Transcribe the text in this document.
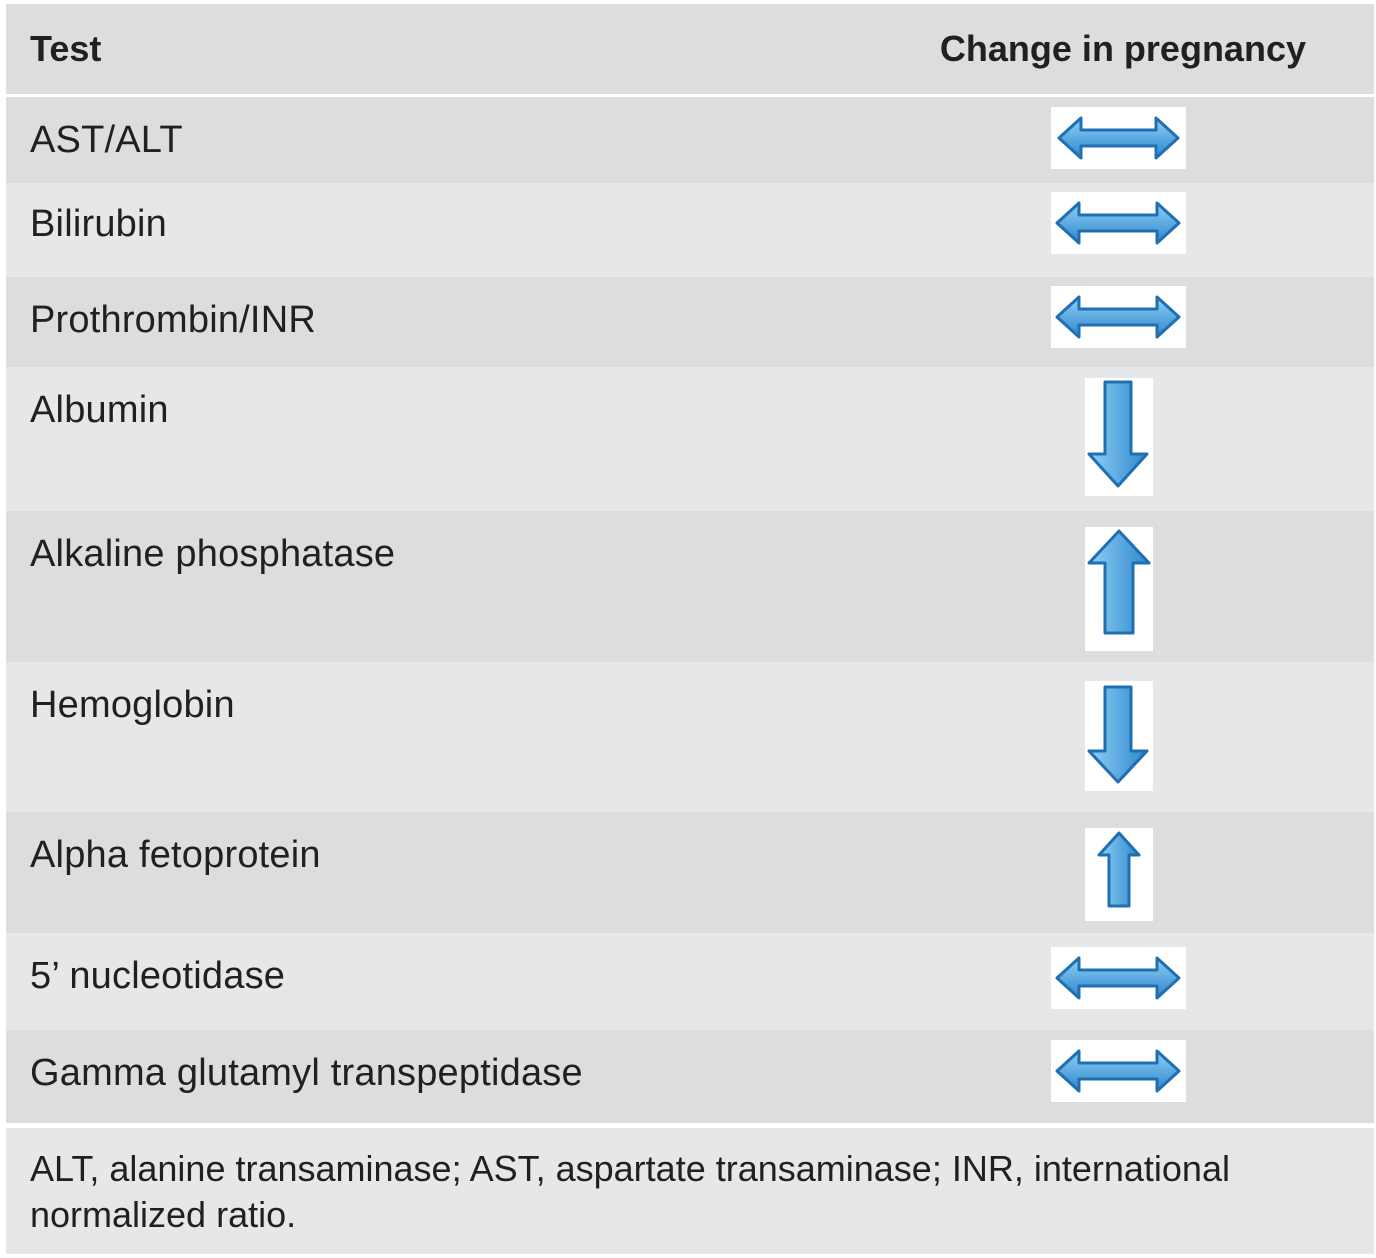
Test	Change in pregnancy
AST/ALT
Bilirubin
Prothrombin/INR
Albumin
Alkaline phosphatase
Hemoglobin
Alpha fetoprotein
5’ nucleotidase
Gamma glutamyl transpeptidase
ALT, alanine transaminase; AST, aspartate transaminase; INR, international normalized ratio.
